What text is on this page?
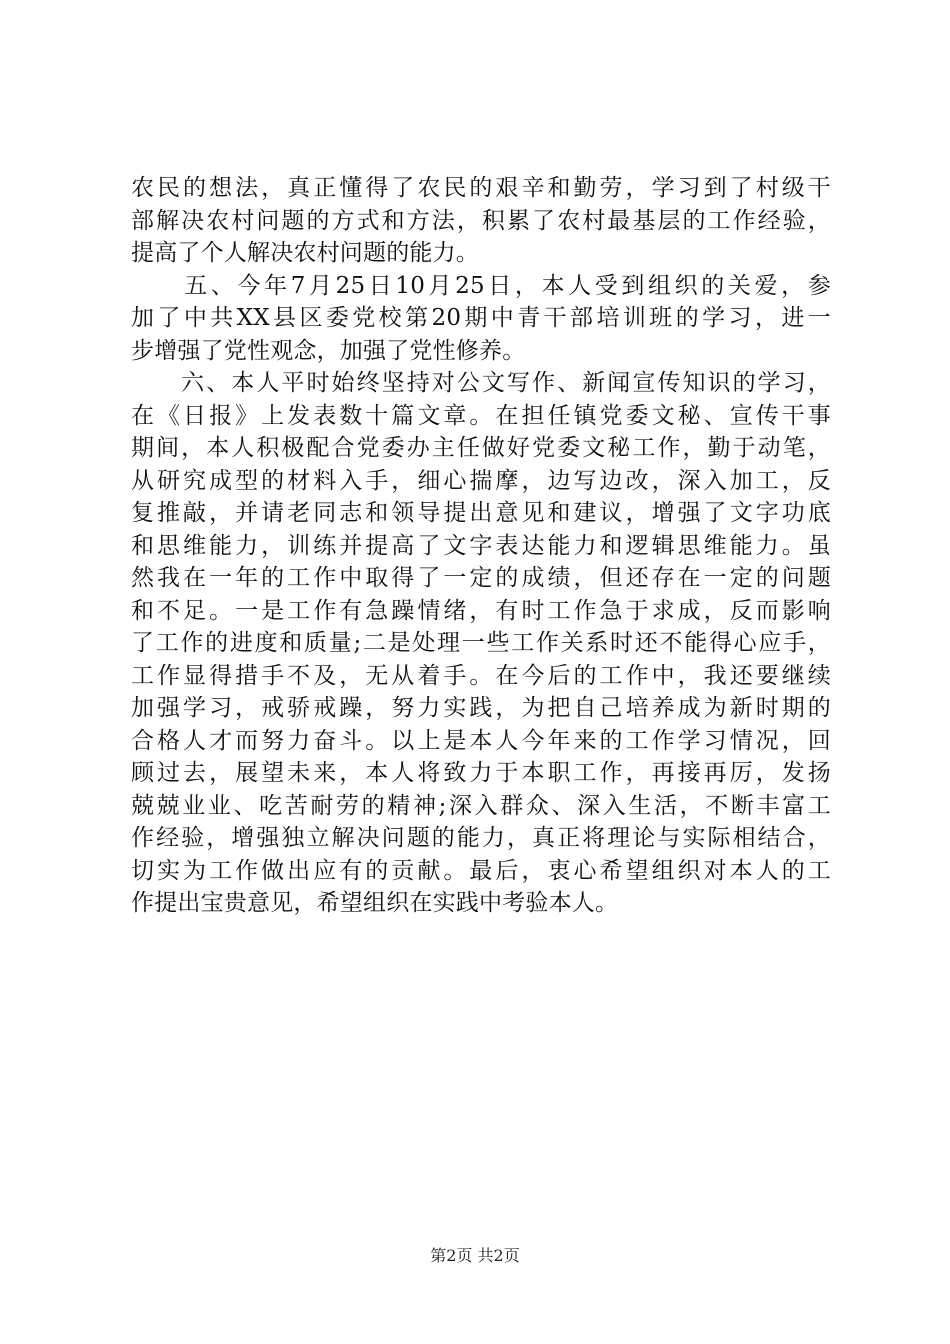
农民的想法，真正懂得了农民的艰辛和勤劳，学习到了村级干
部解决农村问题的方式和方法，积累了农村最基层的工作经验，
提高了个人解决农村问题的能力。
　　五、今年7月25日10月25日，本人受到组织的关爱，参
加了中共XX县区委党校第20期中青干部培训班的学习，进一
步增强了党性观念，加强了党性修养。
　　六、本人平时始终坚持对公文写作、新闻宣传知识的学习，
在《日报》上发表数十篇文章。在担任镇党委文秘、宣传干事
期间，本人积极配合党委办主任做好党委文秘工作，勤于动笔，
从研究成型的材料入手，细心揣摩，边写边改，深入加工，反
复推敲，并请老同志和领导提出意见和建议，增强了文字功底
和思维能力，训练并提高了文字表达能力和逻辑思维能力。虽
然我在一年的工作中取得了一定的成绩，但还存在一定的问题
和不足。一是工作有急躁情绪，有时工作急于求成，反而影响
了工作的进度和质量;二是处理一些工作关系时还不能得心应手，
工作显得措手不及，无从着手。在今后的工作中，我还要继续
加强学习，戒骄戒躁，努力实践，为把自己培养成为新时期的
合格人才而努力奋斗。以上是本人今年来的工作学习情况，回
顾过去，展望未来，本人将致力于本职工作，再接再厉，发扬
兢兢业业、吃苦耐劳的精神;深入群众、深入生活，不断丰富工
作经验，增强独立解决问题的能力，真正将理论与实际相结合，
切实为工作做出应有的贡献。最后，衷心希望组织对本人的工
作提出宝贵意见，希望组织在实践中考验本人。
第2页 共2页
